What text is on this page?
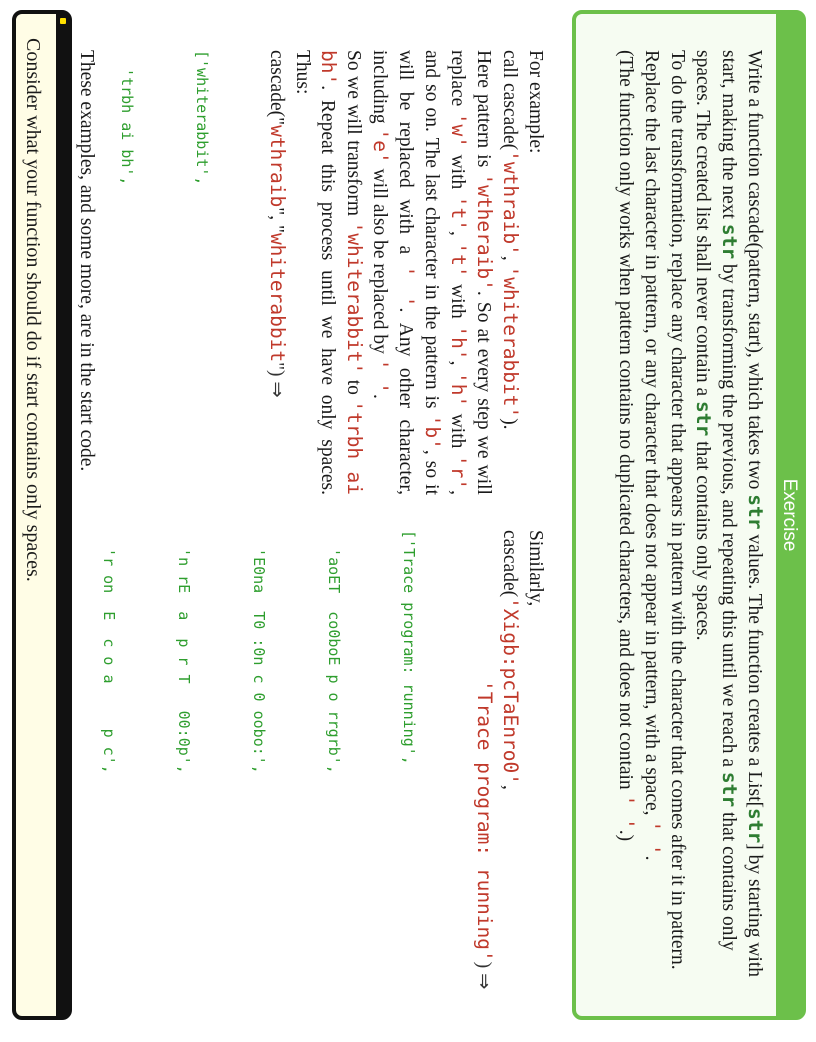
Exercise

Write a function cascade(pattern, start), which takes two str values. The function creates a List[str] by starting with start, making the next str by transforming the previous, and repeating this until we reach a str that contains only spaces. The created list shall never contain a str that contains only spaces.

To do the transformation, replace any character that appears in pattern with the character that comes after it in pattern. Replace the last character in pattern, or any character that does not appear in pattern, with a space, ' '.

(The function only works when pattern contains no duplicated characters, and does not contain ' '.)

For example:

call cascade('wthraib', 'whiterabbit').

Here pattern is 'wtheraib'. So at every step we will replace 'w' with 't', 't' with 'h', 'h' with 'r', and so on. The last character in the pattern is 'b', so it will be replaced with a ' '. Any other character, including 'e' will also be replaced by ' '.

So we will transform 'whiterabbit' to 'trbh ai bh'. Repeat this process until we have only spaces. Thus:

cascade("wthraib", "whiterabbit") ⇒

['whiterabbit',

'trbh ai bh',

Similarly,

cascade('Xigb:pcTaEnro0',

'Trace program: running') ⇒

['Trace program: running',

'aoET  co0boE p o rrgrb',

'E0na  T0 :0n c 0 oobo:',

'n rE  a  p r T   00:0p',

'r on  E  c o a     p c',

These examples, and some more, are in the start code.
Consider what your function should do if start contains only spaces.
